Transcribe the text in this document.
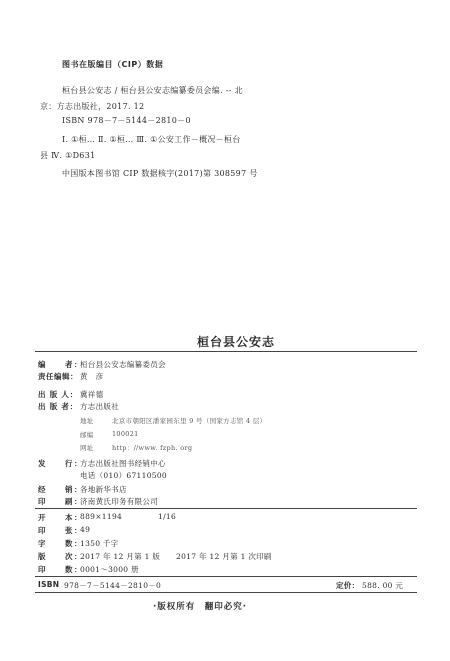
图书在版编目（CIP）数据
桓台县公安志 / 桓台县公安志编纂委员会编. -- 北
京：方志出版社，2017. 12
ISBN 978－7－5144－2810－0
Ⅰ. ①桓… Ⅱ. ①桓… Ⅲ. ①公安工作－概况－桓台
县 Ⅳ. ①D631
中国版本图书馆 CIP 数据核字(2017)第 308597 号
桓台县公安志
编　　者：
桓台县公安志编纂委员会
责任编辑： 黄　彦
出 版 人： 冀祥德
出 版 者： 方志出版社
地址	北京市朝阳区潘家园东里 9 号（国家方志馆 4 层）
邮编	100021
网址	http：//www. fzph. org
发　　行：
方志出版社图书经销中心
电话（010）67110500
经　　销：
各地新华书店
印　　刷：
济南黄氏印务有限公司
开　　本：
889×1194	1/16
印　　张：
49
字　　数：
1350 千字
版　　次：
2017 年 12 月第 1 版 2017 年 12 月第 1 次印刷
印　　数：
0001～3000 册
ISBN 978－7－5144－2810－0	定价： 588. 00 元
·版权所有　翻印必究·
